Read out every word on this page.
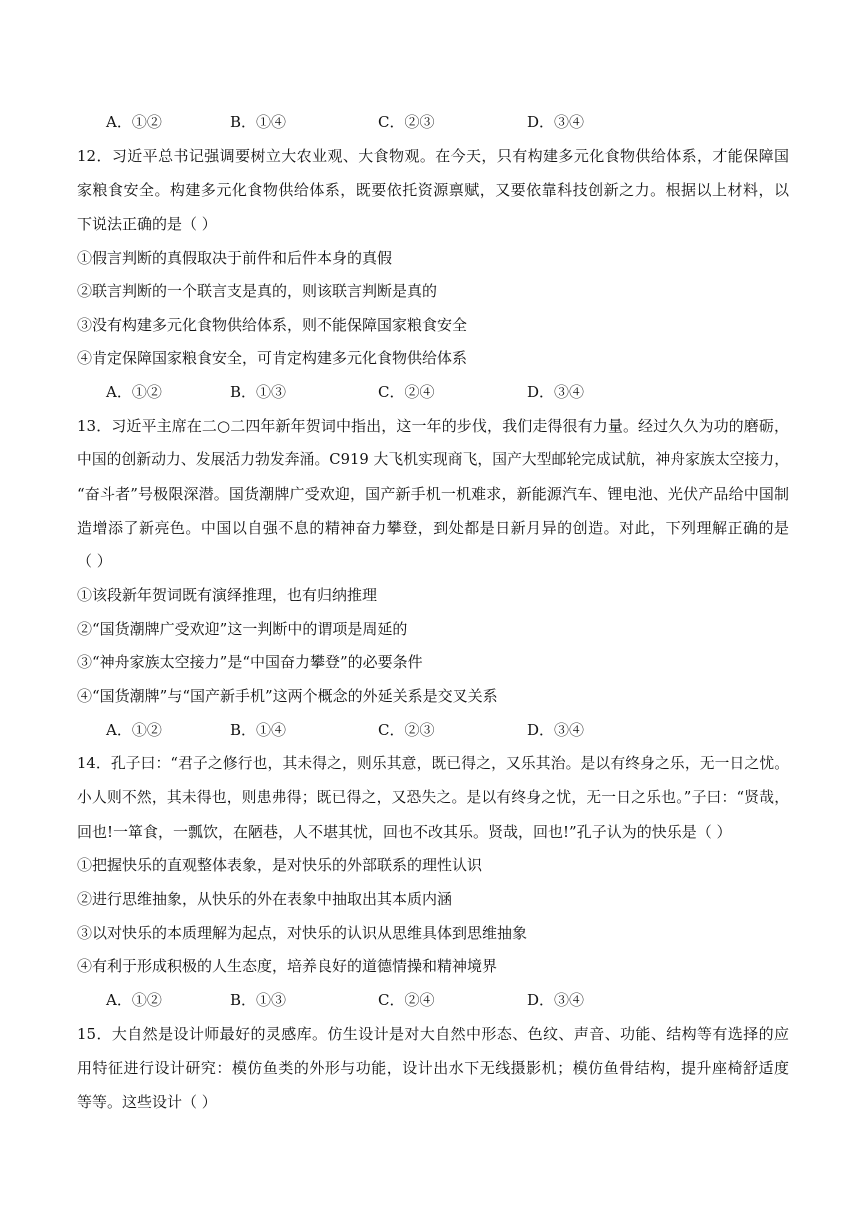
A．①②	B．①④	C．②③	D．③④
12．习近平总书记强调要树立大农业观、大食物观。在今天，只有构建多元化食物供给体系，才能保障国
家粮食安全。构建多元化食物供给体系，既要依托资源禀赋，又要依靠科技创新之力。根据以上材料，以
下说法正确的是（ ）
①假言判断的真假取决于前件和后件本身的真假
②联言判断的一个联言支是真的，则该联言判断是真的
③没有构建多元化食物供给体系，则不能保障国家粮食安全
④肯定保障国家粮食安全，可肯定构建多元化食物供给体系
A．①②	B．①③	C．②④	D．③④
13．习近平主席在二○二四年新年贺词中指出，这一年的步伐，我们走得很有力量。经过久久为功的磨砺，
中国的创新动力、发展活力勃发奔涌。C919 大飞机实现商飞，国产大型邮轮完成试航，神舟家族太空接力，
“奋斗者”号极限深潜。国货潮牌广受欢迎，国产新手机一机难求，新能源汽车、锂电池、光伏产品给中国制
造增添了新亮色。中国以自强不息的精神奋力攀登，到处都是日新月异的创造。对此，下列理解正确的是
（ ）
①该段新年贺词既有演绎推理，也有归纳推理
②“国货潮牌广受欢迎”这一判断中的谓项是周延的
③“神舟家族太空接力”是“中国奋力攀登”的必要条件
④“国货潮牌”与“国产新手机”这两个概念的外延关系是交叉关系
A．①②	B．①④	C．②③	D．③④
14．孔子曰：“君子之修行也，其未得之，则乐其意，既已得之，又乐其治。是以有终身之乐，无一日之忧。
小人则不然，其未得也，则患弗得；既已得之，又恐失之。是以有终身之忧，无一日之乐也。”子曰：“贤哉，
回也!一箪食，一瓢饮，在陋巷，人不堪其忧，回也不改其乐。贤哉，回也!”孔子认为的快乐是（ ）
①把握快乐的直观整体表象，是对快乐的外部联系的理性认识
②进行思维抽象，从快乐的外在表象中抽取出其本质内涵
③以对快乐的本质理解为起点，对快乐的认识从思维具体到思维抽象
④有利于形成积极的人生态度，培养良好的道德情操和精神境界
A．①②	B．①③	C．②④	D．③④
15．大自然是设计师最好的灵感库。仿生设计是对大自然中形态、色纹、声音、功能、结构等有选择的应
用特征进行设计研究：模仿鱼类的外形与功能，设计出水下无线摄影机；模仿鱼骨结构，提升座椅舒适度
等等。这些设计（ ）
